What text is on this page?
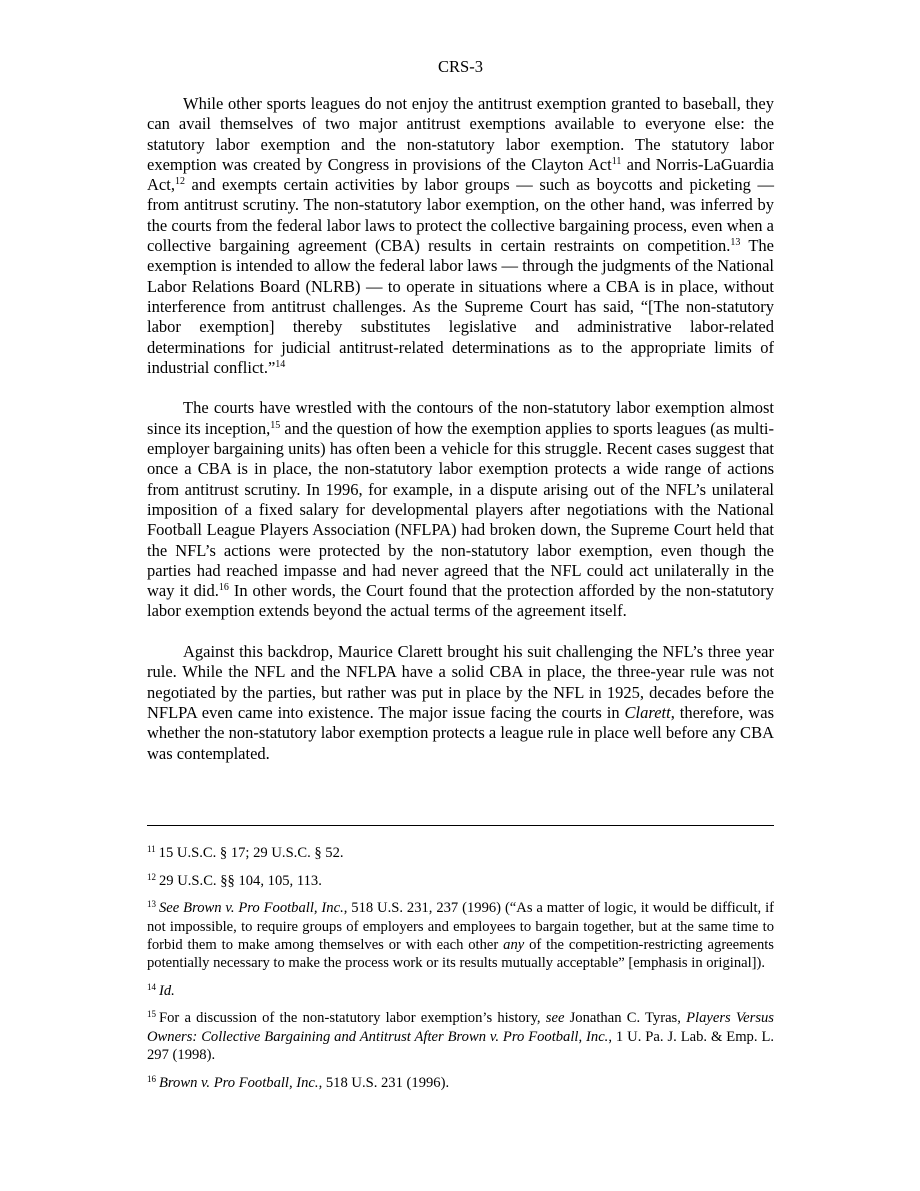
CRS-3

While other sports leagues do not enjoy the antitrust exemption granted to baseball, they can avail themselves of two major antitrust exemptions available to everyone else: the statutory labor exemption and the non-statutory labor exemption. The statutory labor exemption was created by Congress in provisions of the Clayton Act$^{11}$ and Norris-LaGuardia Act,$^{12}$ and exempts certain activities by labor groups — such as boycotts and picketing — from antitrust scrutiny. The non-statutory labor exemption, on the other hand, was inferred by the courts from the federal labor laws to protect the collective bargaining process, even when a collective bargaining agreement (CBA) results in certain restraints on competition.$^{13}$ The exemption is intended to allow the federal labor laws — through the judgments of the National Labor Relations Board (NLRB) — to operate in situations where a CBA is in place, without interference from antitrust challenges. As the Supreme Court has said, “[The non-statutory labor exemption] thereby substitutes legislative and administrative labor-related determinations for judicial antitrust-related determinations as to the appropriate limits of industrial conflict.”$^{14}$

The courts have wrestled with the contours of the non-statutory labor exemption almost since its inception,$^{15}$ and the question of how the exemption applies to sports leagues (as multi-employer bargaining units) has often been a vehicle for this struggle. Recent cases suggest that once a CBA is in place, the non-statutory labor exemption protects a wide range of actions from antitrust scrutiny. In 1996, for example, in a dispute arising out of the NFL’s unilateral imposition of a fixed salary for developmental players after negotiations with the National Football League Players Association (NFLPA) had broken down, the Supreme Court held that the NFL’s actions were protected by the non-statutory labor exemption, even though the parties had reached impasse and had never agreed that the NFL could act unilaterally in the way it did.$^{16}$ In other words, the Court found that the protection afforded by the non-statutory labor exemption extends beyond the actual terms of the agreement itself.

Against this backdrop, Maurice Clarett brought his suit challenging the NFL’s three year rule. While the NFL and the NFLPA have a solid CBA in place, the three-year rule was not negotiated by the parties, but rather was put in place by the NFL in 1925, decades before the NFLPA even came into existence. The major issue facing the courts in Clarett, therefore, was whether the non-statutory labor exemption protects a league rule in place well before any CBA was contemplated.

$^{11}$ 15 U.S.C. § 17; 29 U.S.C. § 52.
$^{12}$ 29 U.S.C. §§ 104, 105, 113.
$^{13}$ See Brown v. Pro Football, Inc., 518 U.S. 231, 237 (1996) (“As a matter of logic, it would be difficult, if not impossible, to require groups of employers and employees to bargain together, but at the same time to forbid them to make among themselves or with each other any of the competition-restricting agreements potentially necessary to make the process work or its results mutually acceptable” [emphasis in original]).
$^{14}$ Id.
$^{15}$ For a discussion of the non-statutory labor exemption’s history, see Jonathan C. Tyras, Players Versus Owners: Collective Bargaining and Antitrust After Brown v. Pro Football, Inc., 1 U. Pa. J. Lab. & Emp. L. 297 (1998).
$^{16}$ Brown v. Pro Football, Inc., 518 U.S. 231 (1996).
